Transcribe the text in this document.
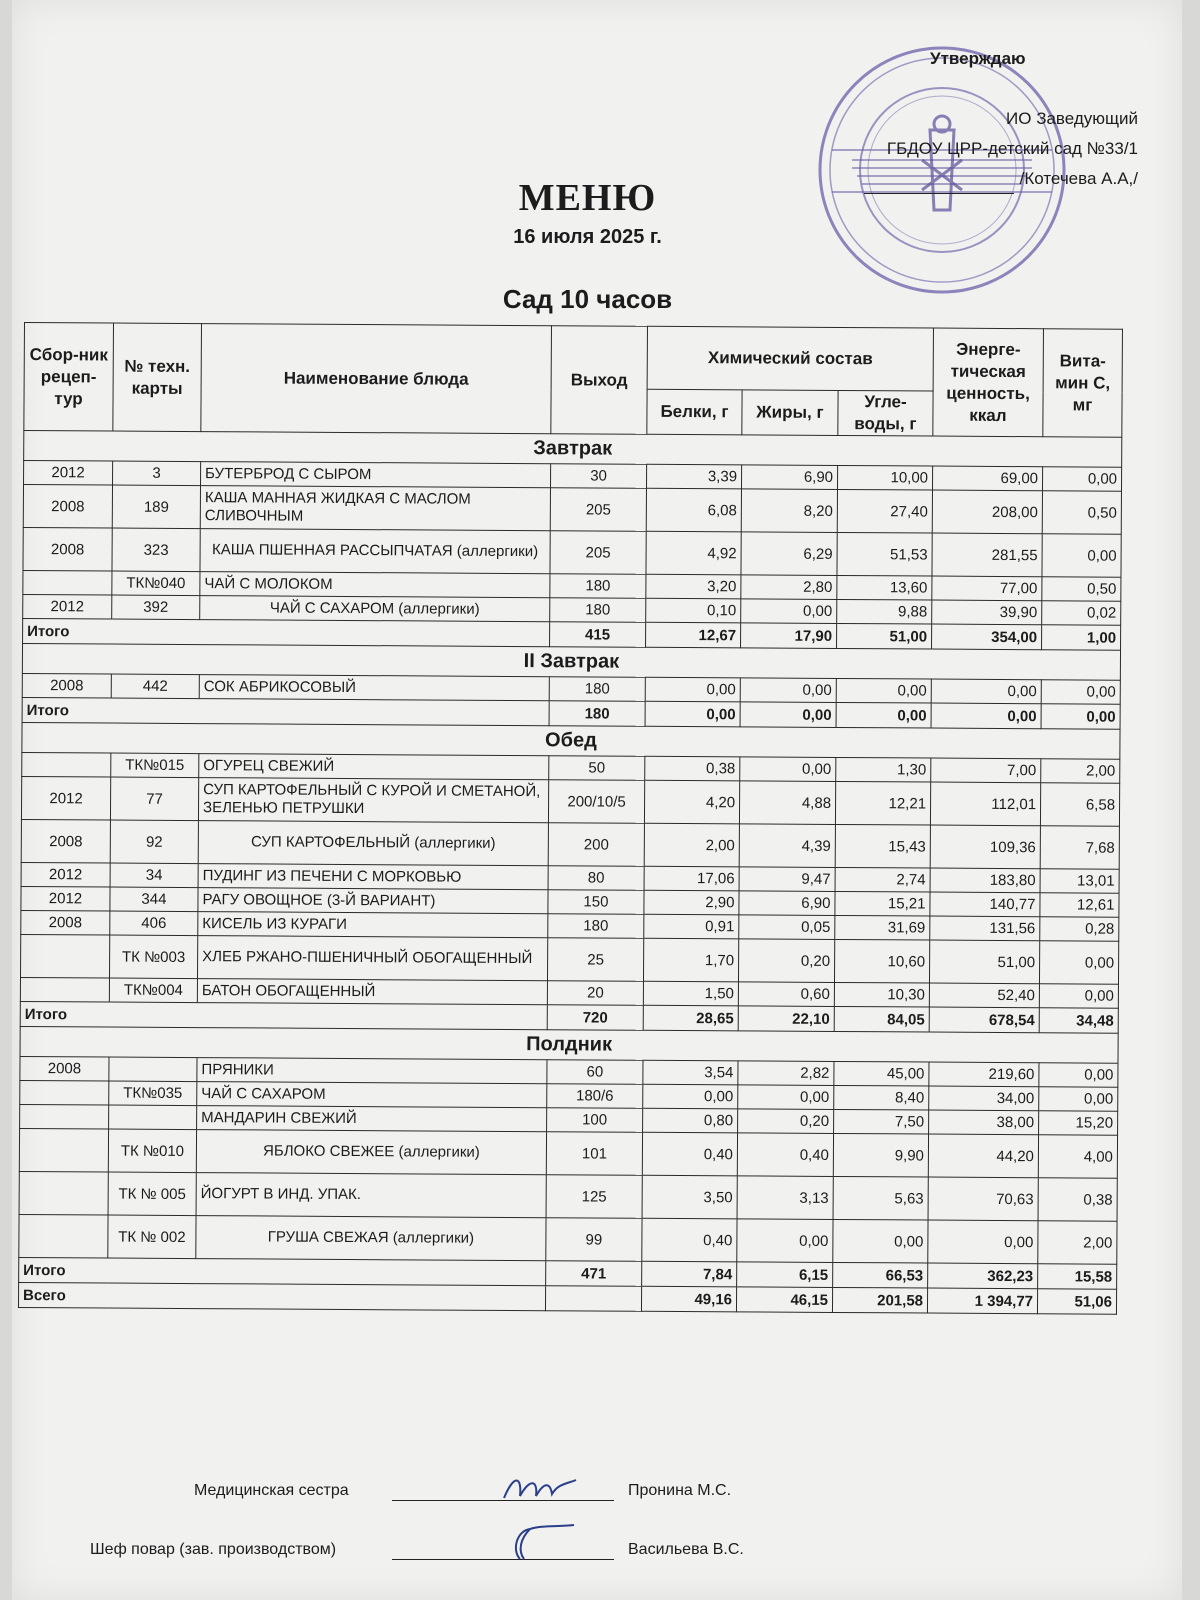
Утверждаю
ИО Заведующий
ГБДОУ ЦРР-детский сад №33/1
/Котечева А.А,/
МЕНЮ
16 июля 2025 г.
Сад 10 часов
Сбор-ник рецеп-тур	№ техн. карты	Наименование блюда	Выход	Химический состав			Энерге-тическая ценность, ккал	Вита-мин С, мг
				Белки, г	Жиры, г	Угле-воды, г		
Завтрак								
2012	3	БУТЕРБРОД С СЫРОМ	30	3,39	6,90	10,00	69,00	0,00
2008	189	КАША МАННАЯ ЖИДКАЯ С МАСЛОМ СЛИВОЧНЫМ	205	6,08	8,20	27,40	208,00	0,50
2008	323	КАША ПШЕННАЯ РАССЫПЧАТАЯ (аллергики)	205	4,92	6,29	51,53	281,55	0,00
	ТК№040	ЧАЙ С МОЛОКОМ	180	3,20	2,80	13,60	77,00	0,50
2012	392	ЧАЙ С САХАРОМ (аллергики)	180	0,10	0,00	9,88	39,90	0,02
Итого			415	12,67	17,90	51,00	354,00	1,00
II Завтрак								
2008	442	СОК АБРИКОСОВЫЙ	180	0,00	0,00	0,00	0,00	0,00
Итого			180	0,00	0,00	0,00	0,00	0,00
Обед								
	ТК№015	ОГУРЕЦ СВЕЖИЙ	50	0,38	0,00	1,30	7,00	2,00
2012	77	СУП КАРТОФЕЛЬНЫЙ С КУРОЙ И СМЕТАНОЙ, ЗЕЛЕНЬЮ ПЕТРУШКИ	200/10/5	4,20	4,88	12,21	112,01	6,58
2008	92	СУП КАРТОФЕЛЬНЫЙ (аллергики)	200	2,00	4,39	15,43	109,36	7,68
2012	34	ПУДИНГ ИЗ ПЕЧЕНИ С МОРКОВЬЮ	80	17,06	9,47	2,74	183,80	13,01
2012	344	РАГУ ОВОЩНОЕ (3-Й ВАРИАНТ)	150	2,90	6,90	15,21	140,77	12,61
2008	406	КИСЕЛЬ ИЗ КУРАГИ	180	0,91	0,05	31,69	131,56	0,28
	ТК №003	ХЛЕБ РЖАНО-ПШЕНИЧНЫЙ ОБОГАЩЕННЫЙ	25	1,70	0,20	10,60	51,00	0,00
	ТК№004	БАТОН ОБОГАЩЕННЫЙ	20	1,50	0,60	10,30	52,40	0,00
Итого			720	28,65	22,10	84,05	678,54	34,48
Полдник								
2008		ПРЯНИКИ	60	3,54	2,82	45,00	219,60	0,00
	ТК№035	ЧАЙ С САХАРОМ	180/6	0,00	0,00	8,40	34,00	0,00
		МАНДАРИН СВЕЖИЙ	100	0,80	0,20	7,50	38,00	15,20
	ТК №010	ЯБЛОКО СВЕЖЕЕ (аллергики)	101	0,40	0,40	9,90	44,20	4,00
	ТК № 005	ЙОГУРТ В ИНД. УПАК.	125	3,50	3,13	5,63	70,63	0,38
	ТК № 002	ГРУША СВЕЖАЯ (аллергики)	99	0,40	0,00	0,00	0,00	2,00
Итого			471	7,84	6,15	66,53	362,23	15,58
Всего				49,16	46,15	201,58	1 394,77	51,06
Медицинская сестра	Пронина М.С.
Шеф повар (зав. производством)	Васильева В.С.
